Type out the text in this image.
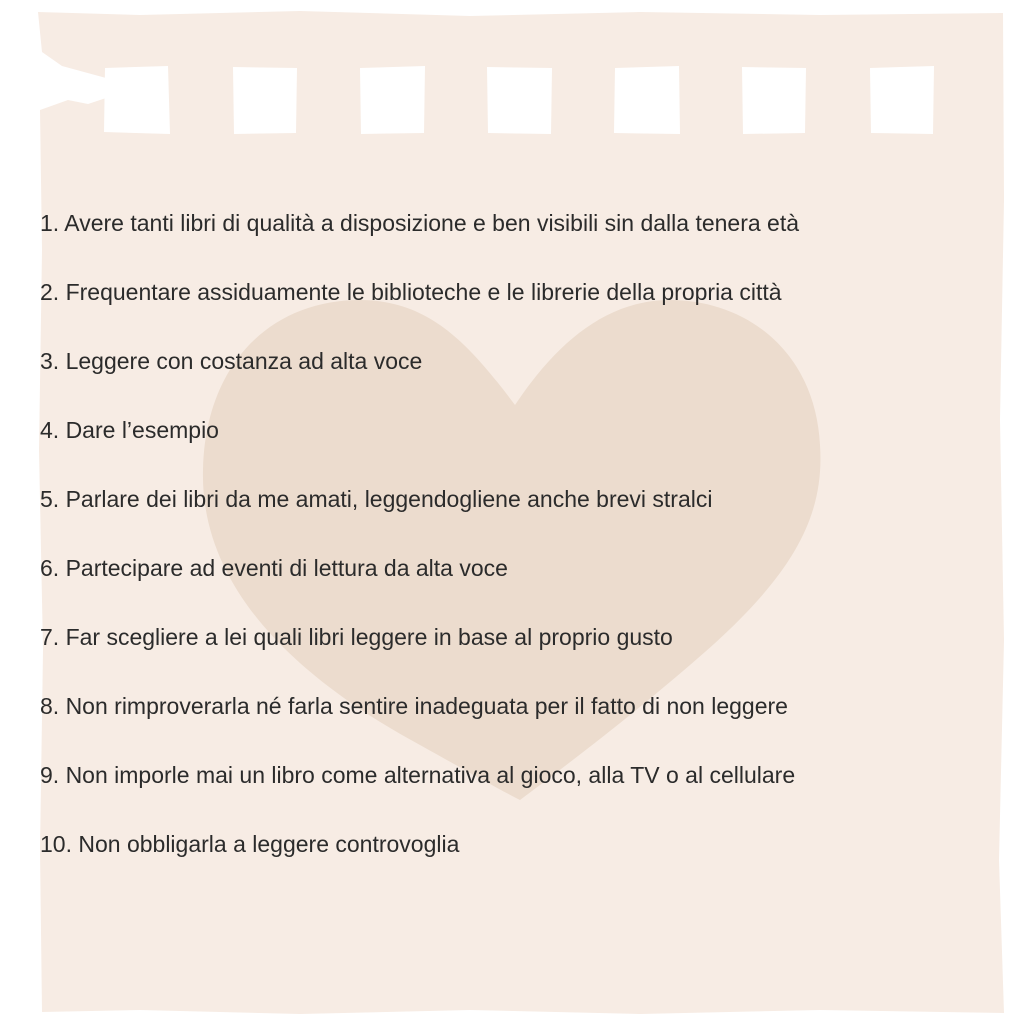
1. Avere tanti libri di qualità a disposizione e ben visibili sin dalla tenera età
2. Frequentare assiduamente le biblioteche e le librerie della propria città
3. Leggere con costanza ad alta voce
4. Dare l’esempio
5. Parlare dei libri da me amati, leggendogliene anche brevi stralci
6. Partecipare ad eventi di lettura da alta voce
7. Far scegliere a lei quali libri leggere in base al proprio gusto
8. Non rimproverarla né farla sentire inadeguata per il fatto di non leggere
9. Non imporle mai un libro come alternativa al gioco, alla TV o al cellulare
10. Non obbligarla a leggere controvoglia
